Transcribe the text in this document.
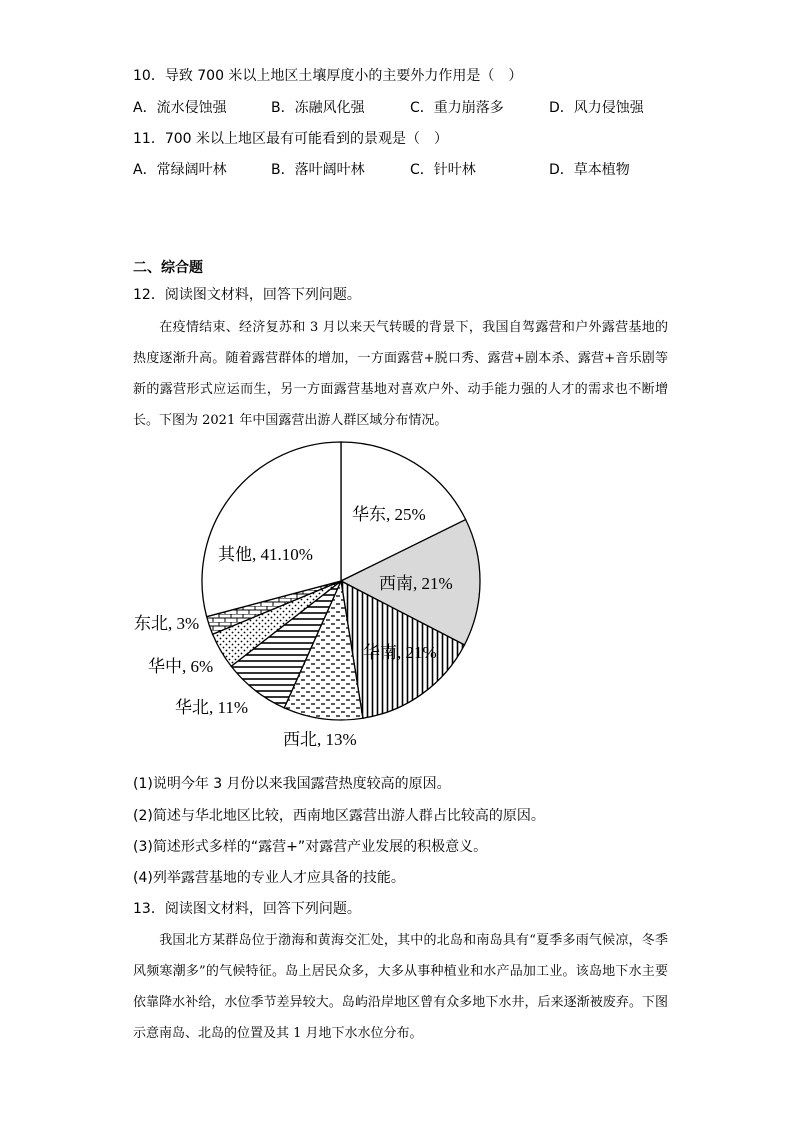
10．导致 700 米以上地区土壤厚度小的主要外力作用是（　）
A．流水侵蚀强	B．冻融风化强	C．重力崩落多	D．风力侵蚀强
11．700 米以上地区最有可能看到的景观是（　）
A．常绿阔叶林	B．落叶阔叶林	C．针叶林	D．草本植物
二、综合题
12．阅读图文材料，回答下列问题。
在疫情结束、经济复苏和 3 月以来天气转暖的背景下，我国自驾露营和户外露营基地的热度逐渐升高。随着露营群体的增加，一方面露营+脱口秀、露营+剧本杀、露营+音乐剧等新的露营形式应运而生，另一方面露营基地对喜欢户外、动手能力强的人才的需求也不断增长。下图为 2021 年中国露营出游人群区域分布情况。
华东, 25%
西南, 21%
华南, 21%
西北, 13%
华北, 11%
华中, 6%
东北, 3%
其他, 41.10%
(1)说明今年 3 月份以来我国露营热度较高的原因。
(2)简述与华北地区比较，西南地区露营出游人群占比较高的原因。
(3)简述形式多样的“露营+”对露营产业发展的积极意义。
(4)列举露营基地的专业人才应具备的技能。
13．阅读图文材料，回答下列问题。
我国北方某群岛位于渤海和黄海交汇处，其中的北岛和南岛具有“夏季多雨气候凉，冬季风频寒潮多”的气候特征。岛上居民众多，大多从事种植业和水产品加工业。该岛地下水主要依靠降水补给，水位季节差异较大。岛屿沿岸地区曾有众多地下水井，后来逐渐被废弃。下图示意南岛、北岛的位置及其 1 月地下水水位分布。
